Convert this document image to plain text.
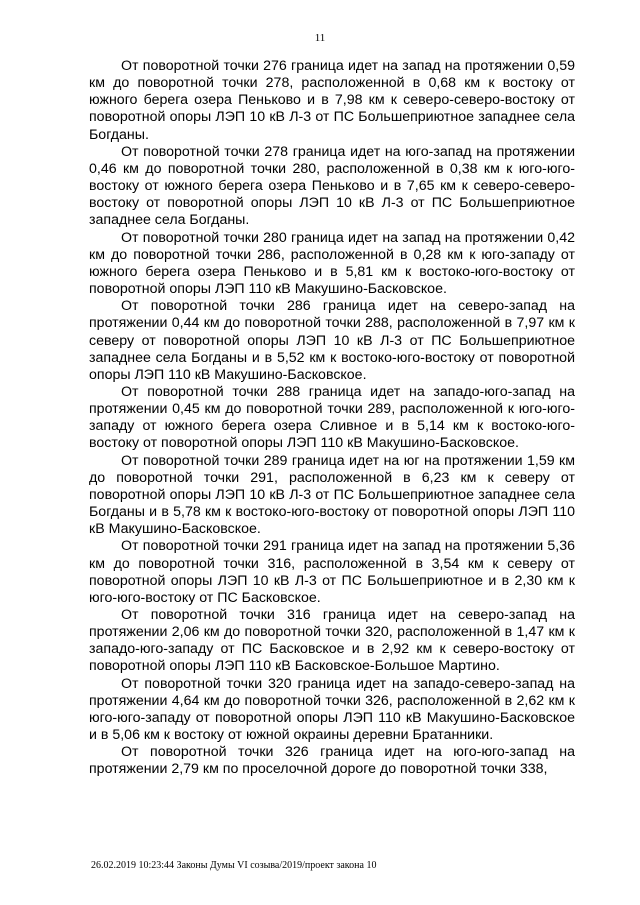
11

От поворотной точки 276 граница идет на запад на протяжении 0,59 км до поворотной точки 278, расположенной в 0,68 км к востоку от южного берега озера Пеньково и в 7,98 км к северо-северо-востоку от поворотной опоры ЛЭП 10 кВ Л-3 от ПС Большеприютное западнее села Богданы.

От поворотной точки 278 граница идет на юго-запад на протяжении 0,46 км до поворотной точки 280, расположенной в 0,38 км к юго-юго-востоку от южного берега озера Пеньково и в 7,65 км к северо-северо-востоку от поворотной опоры ЛЭП 10 кВ Л-3 от ПС Большеприютное западнее села Богданы.

От поворотной точки 280 граница идет на запад на протяжении 0,42 км до поворотной точки 286, расположенной в 0,28 км к юго-западу от южного берега озера Пеньково и в 5,81 км к востоко-юго-востоку от поворотной опоры ЛЭП 110 кВ Макушино-Басковское.

От поворотной точки 286 граница идет на северо-запад на протяжении 0,44 км до поворотной точки 288, расположенной в 7,97 км к северу от поворотной опоры ЛЭП 10 кВ Л-3 от ПС Большеприютное западнее села Богданы и в 5,52 км к востоко-юго-востоку от поворотной опоры ЛЭП 110 кВ Макушино-Басковское.

От поворотной точки 288 граница идет на западо-юго-запад на протяжении 0,45 км до поворотной точки 289, расположенной к юго-юго-западу от южного берега озера Сливное и в 5,14 км к востоко-юго-востоку от поворотной опоры ЛЭП 110 кВ Макушино-Басковское.

От поворотной точки 289 граница идет на юг на протяжении 1,59 км до поворотной точки 291, расположенной в 6,23 км к северу от поворотной опоры ЛЭП 10 кВ Л-3 от ПС Большеприютное западнее села Богданы и в 5,78 км к востоко-юго-востоку от поворотной опоры ЛЭП 110 кВ Макушино-Басковское.

От поворотной точки 291 граница идет на запад на протяжении 5,36 км до поворотной точки 316, расположенной в 3,54 км к северу от поворотной опоры ЛЭП 10 кВ Л-3 от ПС Большеприютное и в 2,30 км к юго-юго-востоку от ПС Басковское.

От поворотной точки 316 граница идет на северо-запад на протяжении 2,06 км до поворотной точки 320, расположенной в 1,47 км к западо-юго-западу от ПС Басковское и в 2,92 км к северо-востоку от поворотной опоры ЛЭП 110 кВ Басковское-Большое Мартино.

От поворотной точки 320 граница идет на западо-северо-запад на протяжении 4,64 км до поворотной точки 326, расположенной в 2,62 км к юго-юго-западу от поворотной опоры ЛЭП 110 кВ Макушино-Басковское и в 5,06 км к востоку от южной окраины деревни Братанники.

От поворотной точки 326 граница идет на юго-юго-запад на протяжении 2,79 км по проселочной дороге до поворотной точки 338,

26.02.2019 10:23:44 Законы Думы VI созыва/2019/проект закона 10
